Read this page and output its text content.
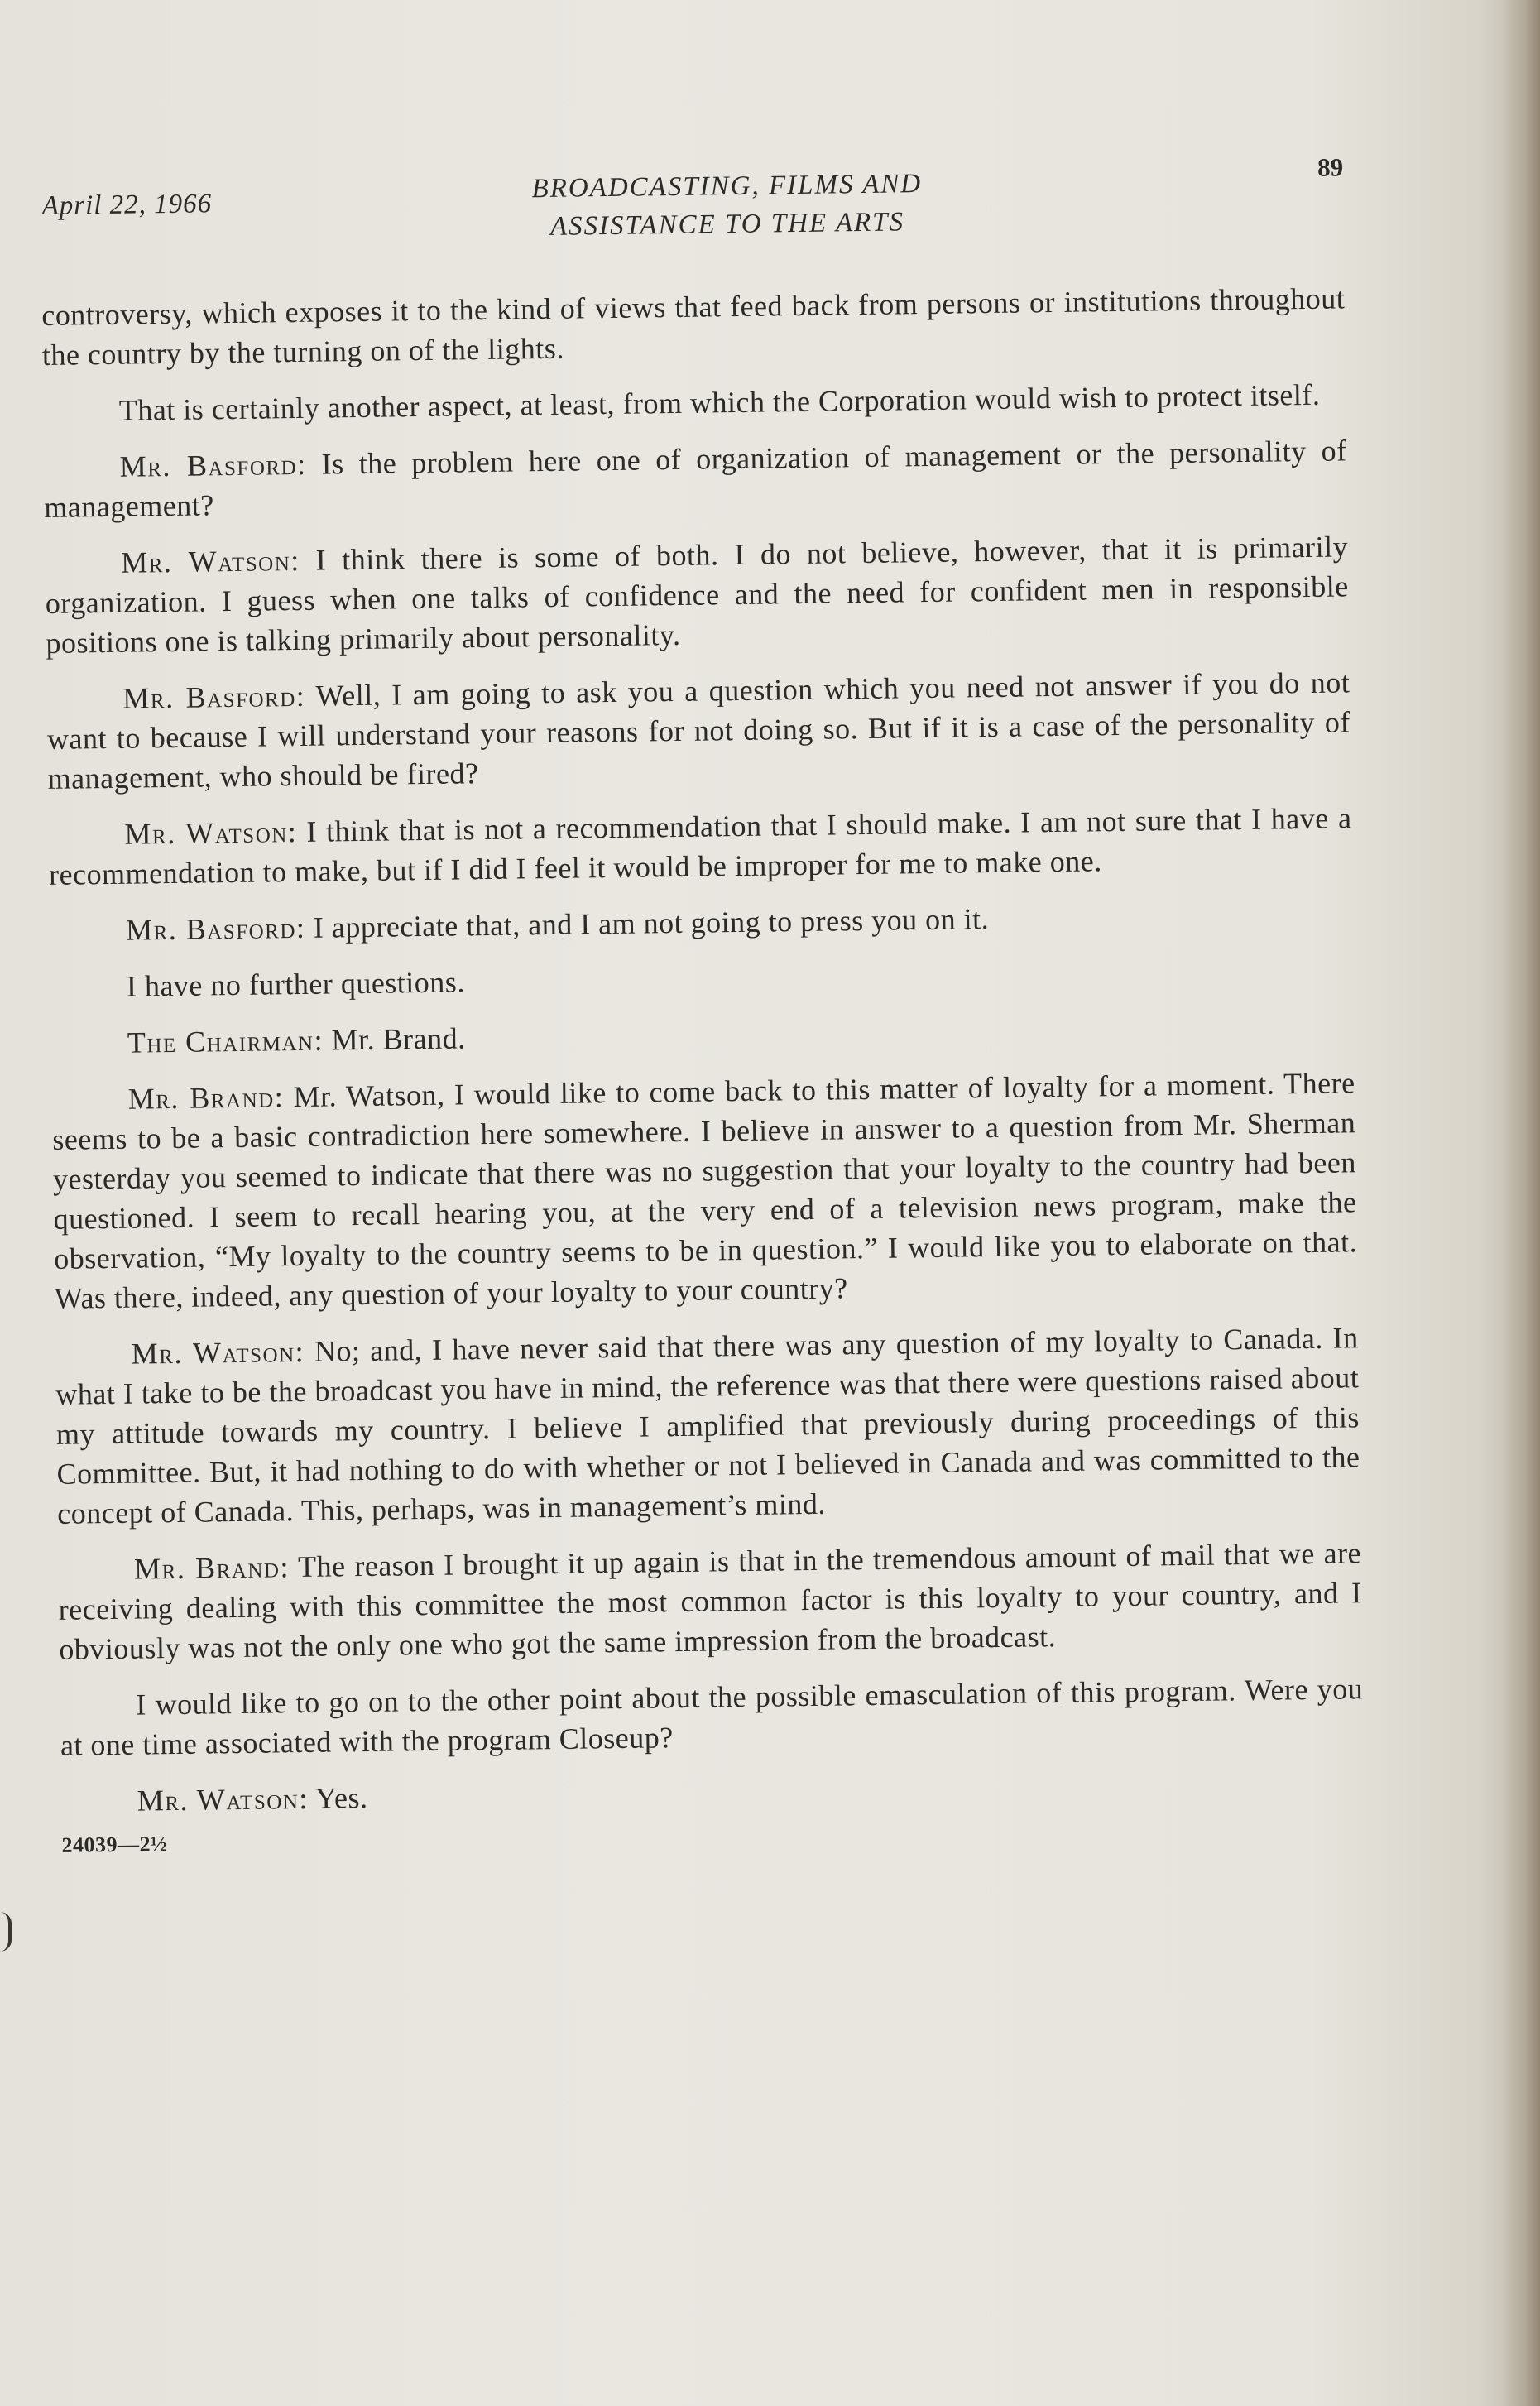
April 22, 1966
BROADCASTING, FILMS AND
ASSISTANCE TO THE ARTS
89

controversy, which exposes it to the kind of views that feed back from persons or institutions throughout the country by the turning on of the lights.

That is certainly another aspect, at least, from which the Corporation would wish to protect itself.

Mr. Basford: Is the problem here one of organization of management or the personality of management?

Mr. Watson: I think there is some of both. I do not believe, however, that it is primarily organization. I guess when one talks of confidence and the need for confident men in responsible positions one is talking primarily about personality.

Mr. Basford: Well, I am going to ask you a question which you need not answer if you do not want to because I will understand your reasons for not doing so. But if it is a case of the personality of management, who should be fired?

Mr. Watson: I think that is not a recommendation that I should make. I am not sure that I have a recommendation to make, but if I did I feel it would be improper for me to make one.

Mr. Basford: I appreciate that, and I am not going to press you on it.

I have no further questions.

The Chairman: Mr. Brand.

Mr. Brand: Mr. Watson, I would like to come back to this matter of loyalty for a moment. There seems to be a basic contradiction here somewhere. I believe in answer to a question from Mr. Sherman yesterday you seemed to indicate that there was no suggestion that your loyalty to the country had been questioned. I seem to recall hearing you, at the very end of a television news program, make the observation, “My loyalty to the country seems to be in question.” I would like you to elaborate on that. Was there, indeed, any question of your loyalty to your country?

Mr. Watson: No; and, I have never said that there was any question of my loyalty to Canada. In what I take to be the broadcast you have in mind, the reference was that there were questions raised about my attitude towards my country. I believe I amplified that previously during proceedings of this Committee. But, it had nothing to do with whether or not I believed in Canada and was committed to the concept of Canada. This, perhaps, was in management’s mind.

Mr. Brand: The reason I brought it up again is that in the tremendous amount of mail that we are receiving dealing with this committee the most common factor is this loyalty to your country, and I obviously was not the only one who got the same impression from the broadcast.

I would like to go on to the other point about the possible emasculation of this program. Were you at one time associated with the program Closeup?

Mr. Watson: Yes.

24039—2½
